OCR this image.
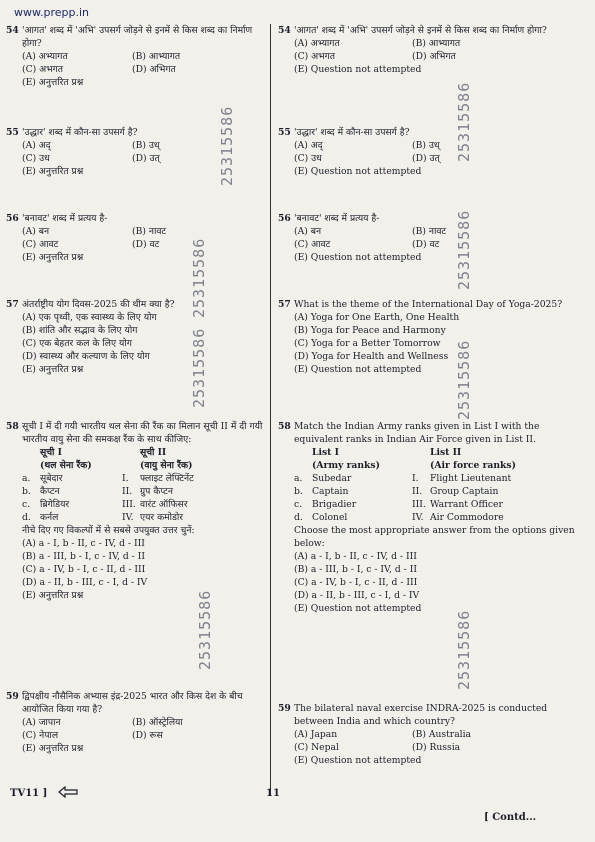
www.prepp.in
54 'आगत' शब्द में 'अभि' उपसर्ग जोड़ने से इनमें से किस शब्द का निर्माण होगा?
(A) अभ्यागत	(B) आभ्यागत
(C) अभगत	(D) अभिगत
(E) अनुत्तरित प्रश्न
55 'उद्धार' शब्द में कौन-सा उपसर्ग है?
(A) अद्	(B) उध्
(C) उध	(D) उत्
(E) अनुत्तरित प्रश्न
56 'बनावट' शब्द में प्रत्यय है-
(A) बन	(B) नावट
(C) आवट	(D) वट
(E) अनुत्तरित प्रश्न
57 अंतर्राष्ट्रीय योग दिवस-2025 की थीम क्या है?
(A) एक पृथ्वी, एक स्वास्थ्य के लिए योग
(B) शांति और सद्भाव के लिए योग
(C) एक बेहतर कल के लिए योग
(D) स्वास्थ्य और कल्याण के लिए योग
(E) अनुत्तरित प्रश्न
58 सूची I में दी गयी भारतीय थल सेना की रैंक का मिलान सूची II में दी गयी भारतीय वायु सेना की समकक्ष रैंक के साथ कीजिए:
सूची I	सूची II
(थल सेना रैंक)	(वायु सेना रैंक)
a.	सूबेदार	I.	फ्लाइट लेफ्टिनेंट
b. कैप्टन	II. ग्रुप कैप्टन
c.	ब्रिगेडियर	III. वारंट ऑफिसर
d. कर्नल	IV. एयर कमोडोर
नीचे दिए गए विकल्पों में से सबसे उपयुक्त उत्तर चुनें:
(A) a - I, b - II, c - IV, d - III
(B) a - III, b - I, c - IV, d - II
(C) a - IV, b - I, c - II, d - III
(D) a - II, b - III, c - I, d - IV
(E) अनुत्तरित प्रश्न
59 द्विपक्षीय नौसैनिक अभ्यास इंद्र-2025 भारत और किस देश के बीच आयोजित किया गया है?
(A) जापान	(B) ऑस्ट्रेलिया
(C) नेपाल	(D) रूस
(E) अनुत्तरित प्रश्न
54 'आगत' शब्द में 'अभि' उपसर्ग जोड़ने से इनमें से किस शब्द का निर्माण होगा?
(A) अभ्यागत	(B) आभ्यागत
(C) अभगत	(D) अभिगत
(E) Question not attempted
55 'उद्धार' शब्द में कौन-सा उपसर्ग है?
(A) अद्	(B) उध्
(C) उध	(D) उत्
(E) Question not attempted
56 'बनावट' शब्द में प्रत्यय है-
(A) बन	(B) नावट
(C) आवट	(D) वट
(E) Question not attempted
57 What is the theme of the International Day of Yoga-2025?
(A) Yoga for One Earth, One Health
(B) Yoga for Peace and Harmony
(C) Yoga for a Better Tomorrow
(D) Yoga for Health and Wellness
(E) Question not attempted
58 Match the Indian Army ranks given in List I with the equivalent ranks in Indian Air Force given in List II.
List I	List II
(Army ranks)	(Air force ranks)
a.	Subedar	I.	Flight Lieutenant
b. Captain	II. Group Captain
c.	Brigadier	III. Warrant Officer
d. Colonel	IV. Air Commodore
Choose the most appropriate answer from the options given below:
(A) a - I, b - II, c - IV, d - III
(B) a - III, b - I, c - IV, d - II
(C) a - IV, b - I, c - II, d - III
(D) a - II, b - III, c - I, d - IV
(E) Question not attempted
59 The bilateral naval exercise INDRA-2025 is conducted between India and which country?
(A) Japan	(B) Australia
(C) Nepal	(D) Russia
(E) Question not attempted
25315586
25315586
25315586
25315586
25315586
25315586
25315586
25315586
TV11 ]	11
[ Contd...
